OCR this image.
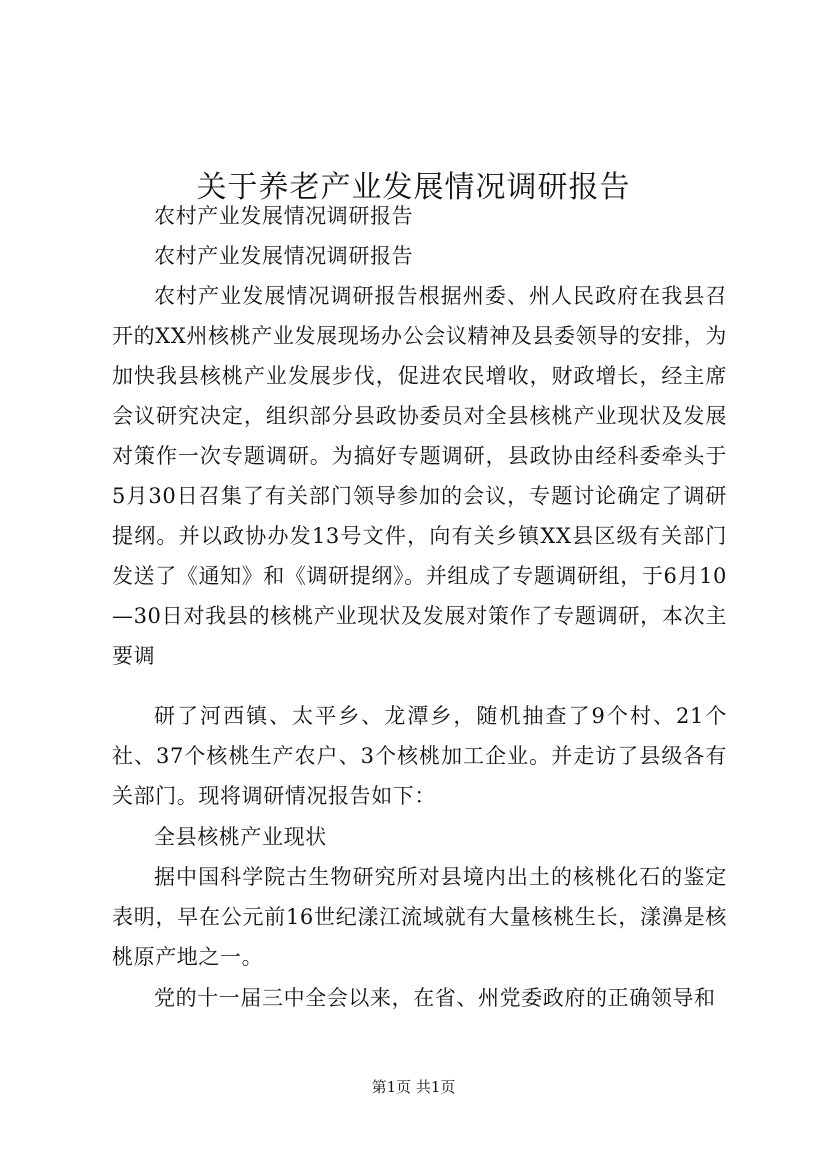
关于养老产业发展情况调研报告
农村产业发展情况调研报告
农村产业发展情况调研报告
农村产业发展情况调研报告根据州委、州人民政府在我县召开的XX州核桃产业发展现场办公会议精神及县委领导的安排，为加快我县核桃产业发展步伐，促进农民增收，财政增长，经主席会议研究决定，组织部分县政协委员对全县核桃产业现状及发展对策作一次专题调研。为搞好专题调研，县政协由经科委牵头于5月30日召集了有关部门领导参加的会议，专题讨论确定了调研提纲。并以政协办发13号文件，向有关乡镇XX县区级有关部门发送了《通知》和《调研提纲》。并组成了专题调研组，于6月10—30日对我县的核桃产业现状及发展对策作了专题调研，本次主要调
研了河西镇、太平乡、龙潭乡，随机抽查了9个村、21个社、37个核桃生产农户、3个核桃加工企业。并走访了县级各有关部门。现将调研情况报告如下：
全县核桃产业现状
据中国科学院古生物研究所对县境内出土的核桃化石的鉴定表明，早在公元前16世纪漾江流域就有大量核桃生长，漾濞是核桃原产地之一。
党的十一届三中全会以来，在省、州党委政府的正确领导和
第1页 共1页
